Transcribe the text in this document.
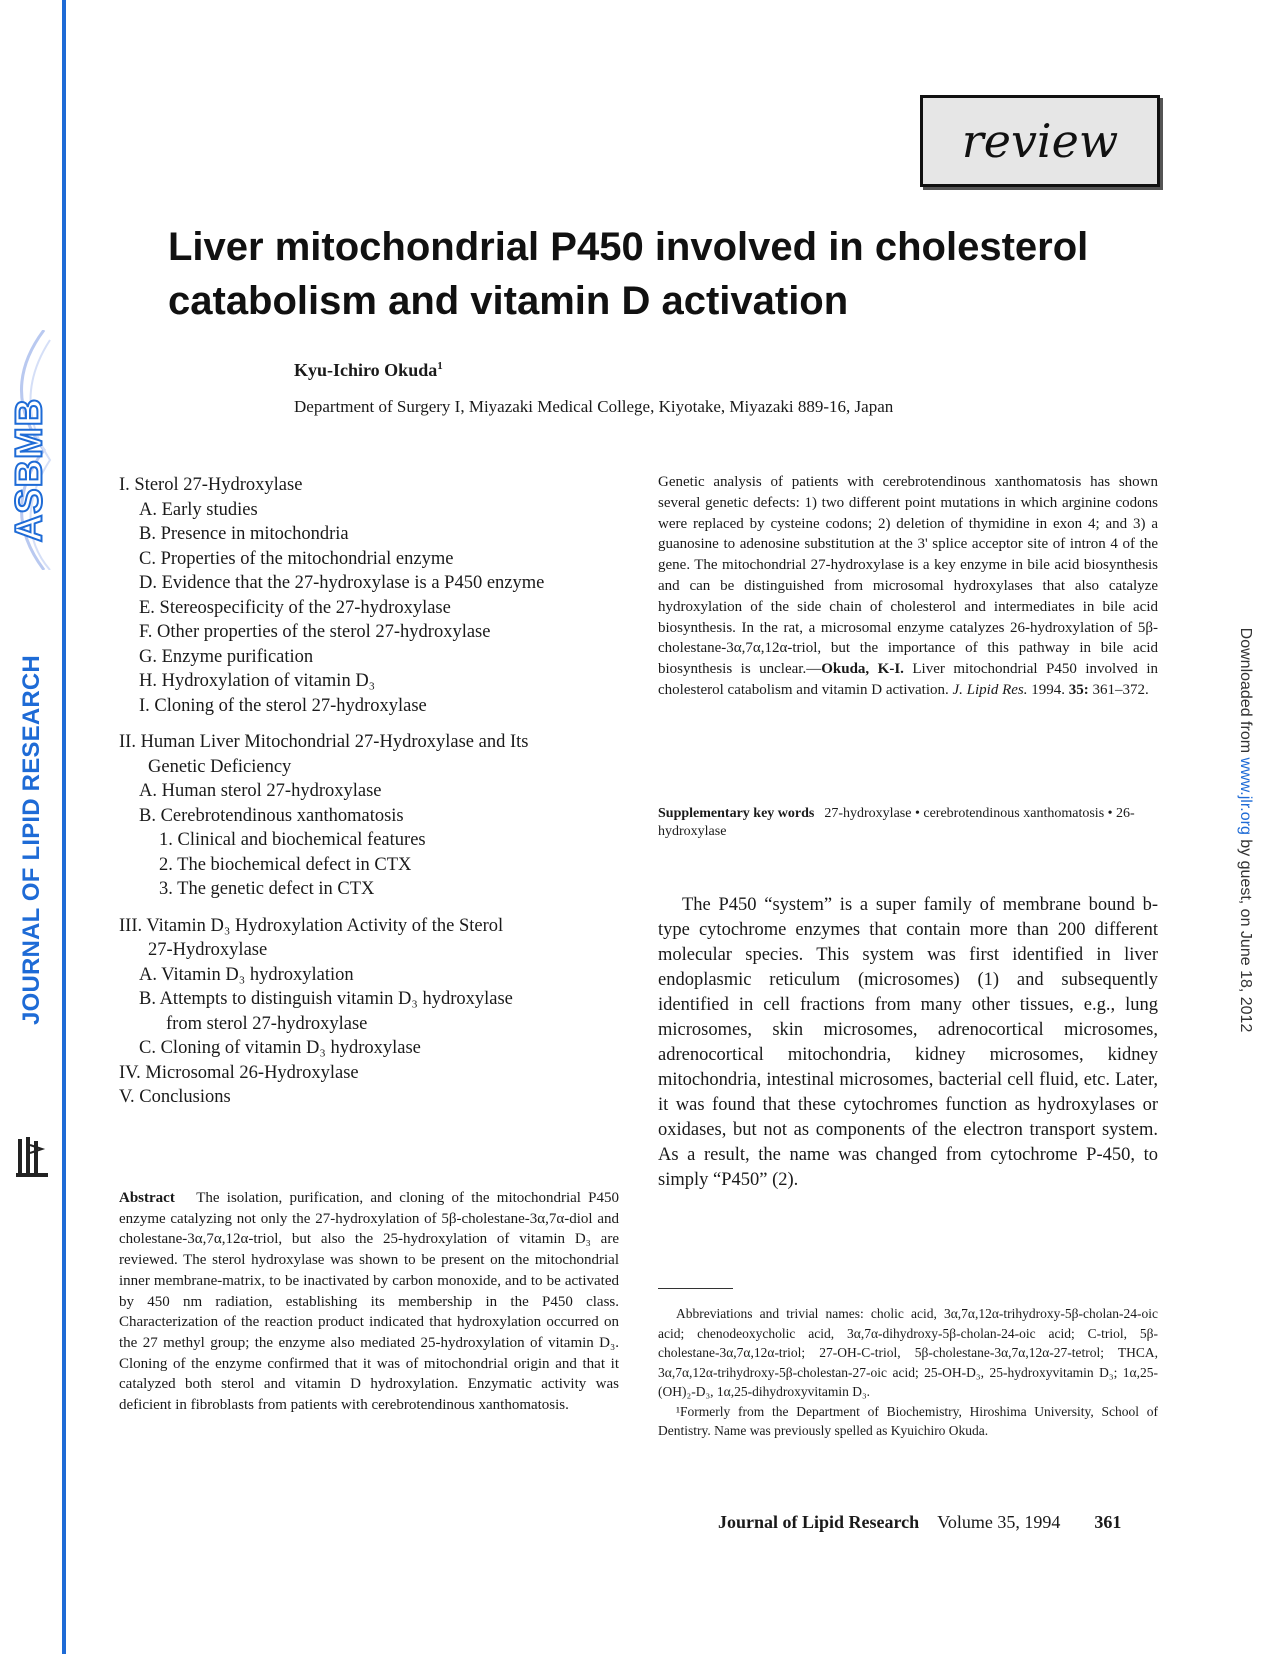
ASBMB
JOURNAL OF LIPID RESEARCH	Downloaded from www.jlr.org by guest, on June 18, 2012
review
Liver mitochondrial P450 involved in cholesterol catabolism and vitamin D activation
Kyu-Ichiro Okuda$^1$
Department of Surgery I, Miyazaki Medical College, Kiyotake, Miyazaki 889-16, Japan
I. Sterol 27-Hydroxylase
A. Early studies
B. Presence in mitochondria
C. Properties of the mitochondrial enzyme
D. Evidence that the 27-hydroxylase is a P450 enzyme
E. Stereospecificity of the 27-hydroxylase
F. Other properties of the sterol 27-hydroxylase
G. Enzyme purification
H. Hydroxylation of vitamin D₃
I. Cloning of the sterol 27-hydroxylase
II. Human Liver Mitochondrial 27-Hydroxylase and Its
Genetic Deficiency
A. Human sterol 27-hydroxylase
B. Cerebrotendinous xanthomatosis
1. Clinical and biochemical features
2. The biochemical defect in CTX
3. The genetic defect in CTX
III. Vitamin D₃ Hydroxylation Activity of the Sterol
27-Hydroxylase
A. Vitamin D₃ hydroxylation
B. Attempts to distinguish vitamin D₃ hydroxylase
from sterol 27-hydroxylase
C. Cloning of vitamin D₃ hydroxylase
IV. Microsomal 26-Hydroxylase
V. Conclusions
Abstract The isolation, purification, and cloning of the mitochondrial P450 enzyme catalyzing not only the 27-hydroxylation of 5β-cholestane-3α,7α-diol and cholestane-3α,7α,12α-triol, but also the 25-hydroxylation of vitamin D₃ are reviewed. The sterol hydroxylase was shown to be present on the mitochondrial inner membrane-matrix, to be inactivated by carbon monoxide, and to be activated by 450 nm radiation, establishing its membership in the P450 class. Characterization of the reaction product indicated that hydroxylation occurred on the 27 methyl group; the enzyme also mediated 25-hydroxylation of vitamin D₃. Cloning of the enzyme confirmed that it was of mitochondrial origin and that it catalyzed both sterol and vitamin D hydroxylation. Enzymatic activity was deficient in fibroblasts from patients with cerebrotendinous xanthomatosis.
Genetic analysis of patients with cerebrotendinous xanthomatosis has shown several genetic defects: 1) two different point mutations in which arginine codons were replaced by cysteine codons; 2) deletion of thymidine in exon 4; and 3) a guanosine to adenosine substitution at the 3' splice acceptor site of intron 4 of the gene. The mitochondrial 27-hydroxylase is a key enzyme in bile acid biosynthesis and can be distinguished from microsomal hydroxylases that also catalyze hydroxylation of the side chain of cholesterol and intermediates in bile acid biosynthesis. In the rat, a microsomal enzyme catalyzes 26-hydroxylation of 5β-cholestane-3α,7α,12α-triol, but the importance of this pathway in bile acid biosynthesis is unclear.—Okuda, K-I. Liver mitochondrial P450 involved in cholesterol catabolism and vitamin D activation. J. Lipid Res. 1994. 35: 361–372.
Supplementary key words 27-hydroxylase • cerebrotendinous xanthomatosis • 26-hydroxylase

The P450 “system” is a super family of membrane bound b-type cytochrome enzymes that contain more than 200 different molecular species. This system was first identified in liver endoplasmic reticulum (microsomes) (1) and subsequently identified in cell fractions from many other tissues, e.g., lung microsomes, skin microsomes, adrenocortical microsomes, adrenocortical mitochondria, kidney microsomes, kidney mitochondria, intestinal microsomes, bacterial cell fluid, etc. Later, it was found that these cytochromes function as hydroxylases or oxidases, but not as components of the electron transport system. As a result, the name was changed from cytochrome P-450, to simply “P450” (2).

Abbreviations and trivial names: cholic acid, 3α,7α,12α-trihydroxy-5β-cholan-24-oic acid; chenodeoxycholic acid, 3α,7α-dihydroxy-5β-cholan-24-oic acid; C-triol, 5β-cholestane-3α,7α,12α-triol; 27-OH-C-triol, 5β-cholestane-3α,7α,12α-27-tetrol; THCA, 3α,7α,12α-trihydroxy-5β-cholestan-27-oic acid; 25-OH-D₃, 25-hydroxyvitamin D₃; 1α,25-(OH)₂-D₃, 1α,25-dihydroxyvitamin D₃.

¹Formerly from the Department of Biochemistry, Hiroshima University, School of Dentistry. Name was previously spelled as Kyuichiro Okuda.

Journal of Lipid Research Volume 35, 1994 361
